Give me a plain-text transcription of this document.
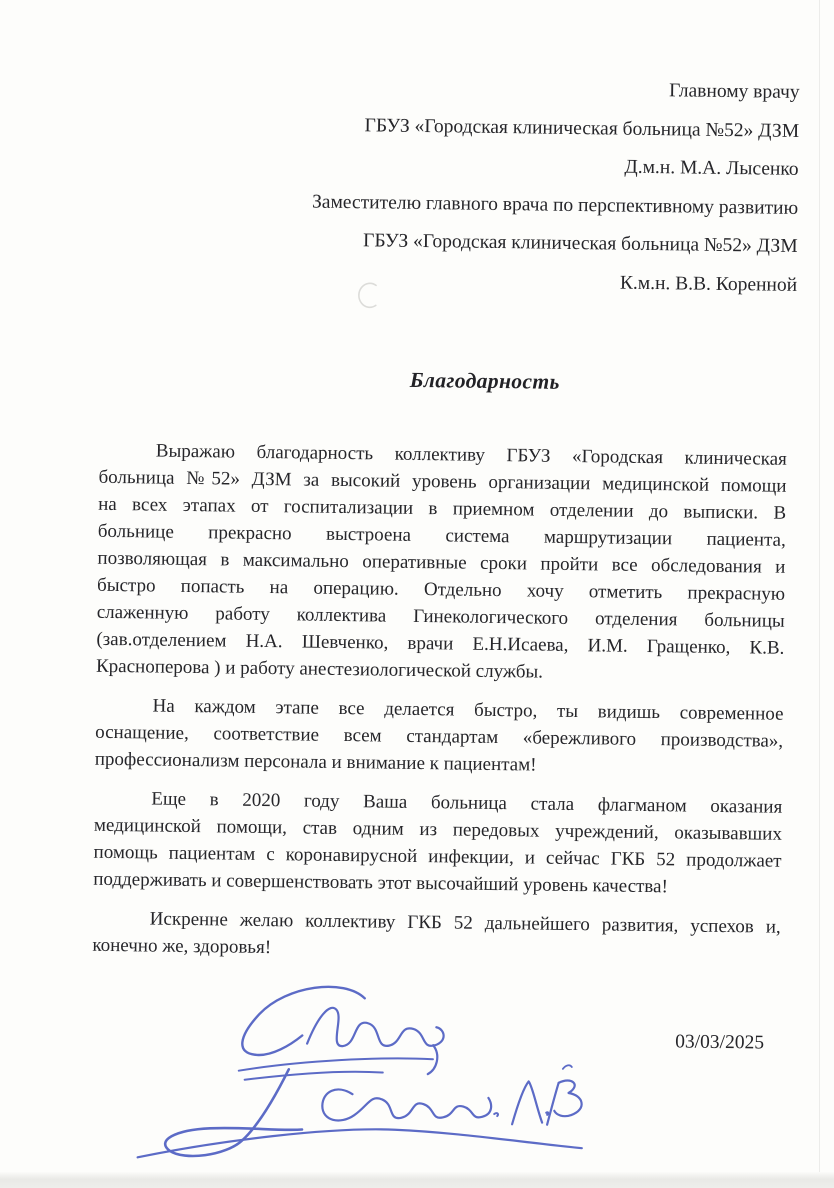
Главному врачу
ГБУЗ «Городская клиническая больница №52» ДЗМ
Д.м.н. М.А. Лысенко
Заместителю главного врача по перспективному развитию
ГБУЗ «Городская клиническая больница №52» ДЗМ
К.м.н. В.В. Коренной
Благодарность
Выражаю благодарность коллективу ГБУЗ «Городская клиническая
больница №52» ДЗМ за высокий уровень организации медицинской помощи
на всех этапах от госпитализации в приемном отделении до выписки. В
больнице прекрасно выстроена система маршрутизации пациента,
позволяющая в максимально оперативные сроки пройти все обследования и
быстро попасть на операцию. Отдельно хочу отметить прекрасную
слаженную работу коллектива Гинекологического отделения больницы
(зав.отделением Н.А. Шевченко, врачи Е.Н.Исаева, И.М. Гращенко, К.В.
Красноперова ) и работу анестезиологической службы.
На каждом этапе все делается быстро, ты видишь современное
оснащение, соответствие всем стандартам «бережливого производства»,
профессионализм персонала и внимание к пациентам!
Еще в 2020 году Ваша больница стала флагманом оказания
медицинской помощи, став одним из передовых учреждений, оказывавших
помощь пациентам с коронавирусной инфекции, и сейчас ГКБ 52 продолжает
поддерживать и совершенствовать этот высочайший уровень качества!
Искренне желаю коллективу ГКБ 52 дальнейшего развития, успехов и,
конечно же, здоровья!
03/03/2025
